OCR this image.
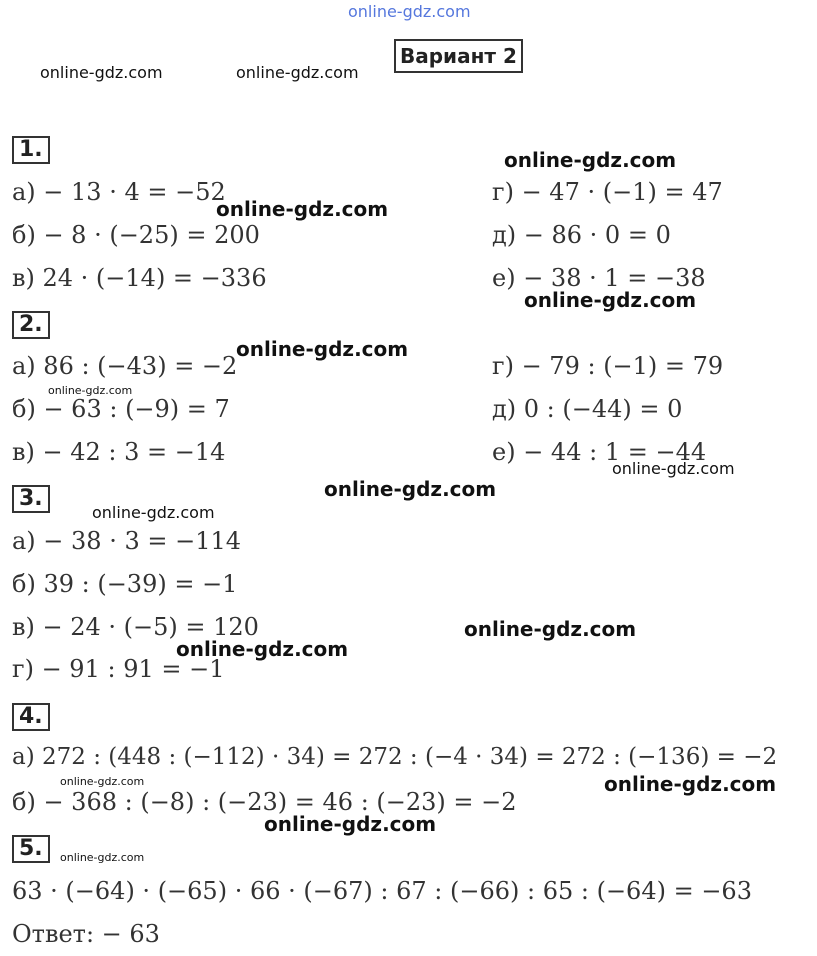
online-gdz.com
online-gdz.com	online-gdz.com
Вариант 2
1.
а) − 13 · 4 = −52
б) − 8 · (−25) = 200
в) 24 · (−14) = −336
г) − 47 · (−1) = 47
д) − 86 · 0 = 0
е) − 38 · 1 = −38
2.
а) 86 : (−43) = −2
б) − 63 : (−9) = 7
в) − 42 : 3 = −14
г) − 79 : (−1) = 79
д) 0 : (−44) = 0
е) − 44 : 1 = −44
3.
а) − 38 · 3 = −114
б) 39 : (−39) = −1
в) − 24 · (−5) = 120
г) − 91 : 91 = −1
4.
а) 272 : (448 : (−112) · 34) = 272 : (−4 · 34) = 272 : (−136) = −2
б) − 368 : (−8) : (−23) = 46 : (−23) = −2
5.
63 · (−64) · (−65) · 66 · (−67) : 67 : (−66) : 65 : (−64) = −63
Ответ: − 63
online-gdz.com
online-gdz.com
online-gdz.com
online-gdz.com
online-gdz.com
online-gdz.com
online-gdz.com
online-gdz.com
online-gdz.com
online-gdz.com
online-gdz.com
online-gdz.com
online-gdz.com
online-gdz.com
